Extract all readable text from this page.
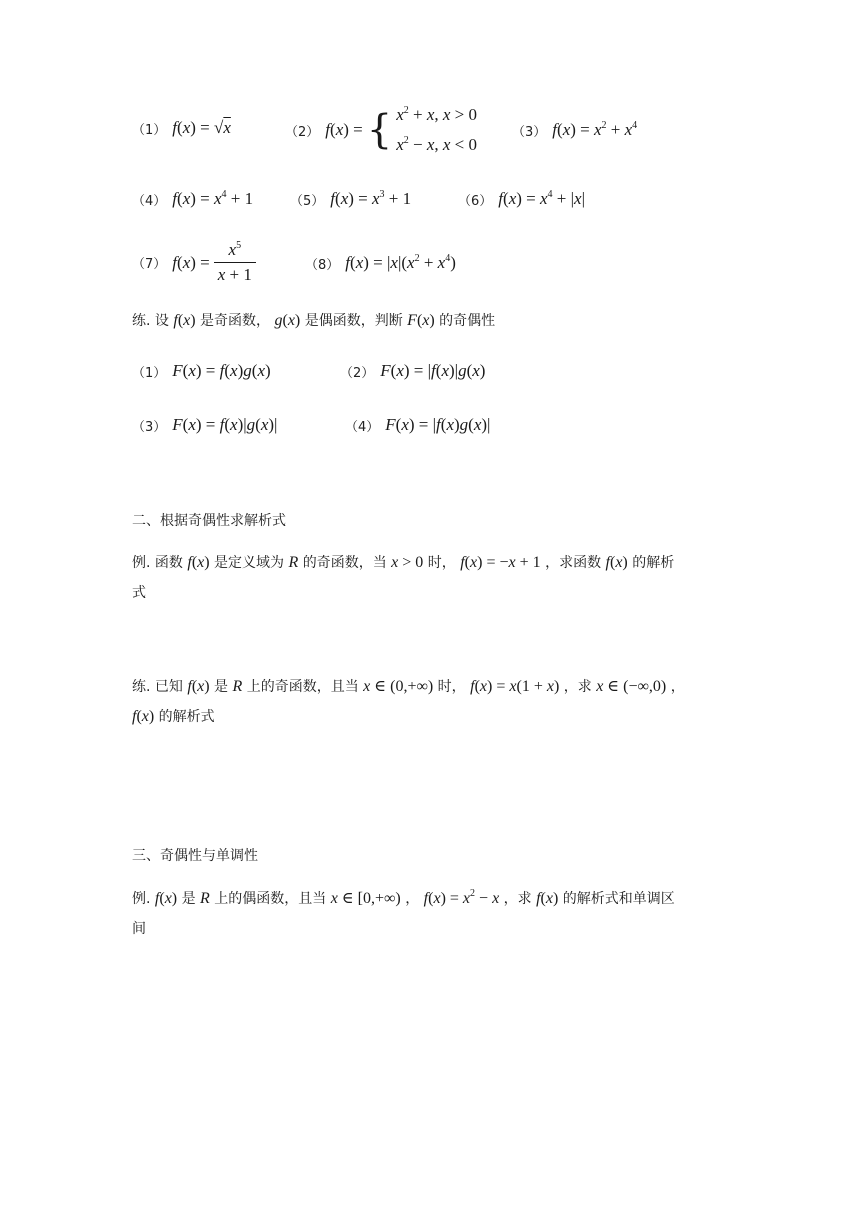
（1） f(x) = √x	（2） f(x) = { $x^2 + x$, x > 0
$x^2 - x$, x < 0
（3） $f(x) = x^2 + x^4$
（4） $f(x) = x^4 + 1$	（5） $f(x) = x^3 + 1$	（6） $f(x) = x^4 + |x|$
（7） $f(x) = \frac{x^5}{x + 1}$	（8） $f(x) = |x|(x^2 + x^4)$
练. 设 f(x) 是奇函数， g(x) 是偶函数，判断 F(x) 的奇偶性
（1） F(x) = f(x)g(x)	（2） F(x) = |f(x)|g(x)
（3） F(x) = f(x)|g(x)|	（4） F(x) = |f(x)g(x)|
二、根据奇偶性求解析式
例. 函数 f(x) 是定义域为 R 的奇函数，当 x > 0 时， f(x) = −x + 1 ，求函数 f(x) 的解析
式
练. 已知 f(x) 是 R 上的奇函数，且当 x ∈ (0,+∞) 时， f(x) = x(1 + x) ，求 x ∈ (−∞,0) ，
f(x) 的解析式
三、奇偶性与单调性
例. f(x) 是 R 上的偶函数，且当 x ∈ [0,+∞) ， $f(x) = x^2 - x$ ，求 f(x) 的解析式和单调区
间
